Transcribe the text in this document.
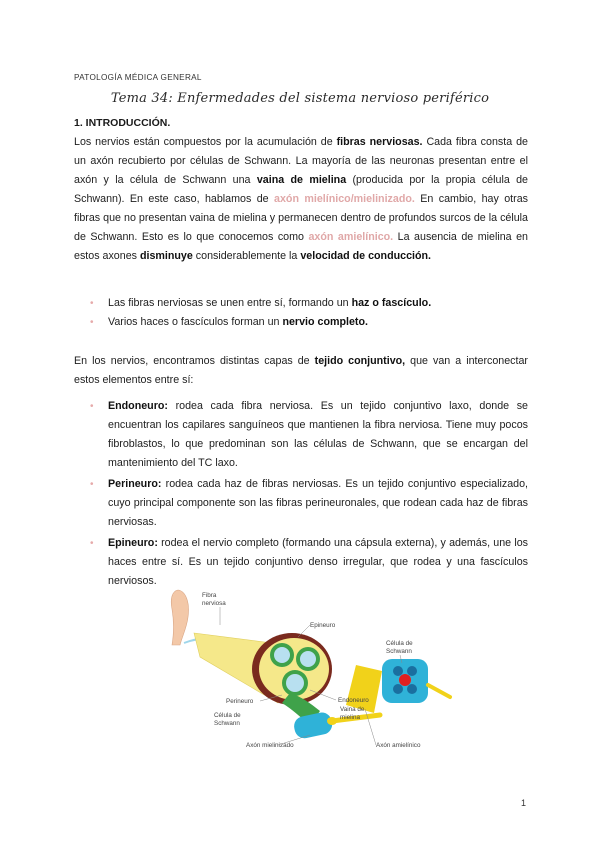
PATOLOGÍA MÉDICA GENERAL
Tema 34: Enfermedades del sistema nervioso periférico
1. INTRODUCCIÓN.
Los nervios están compuestos por la acumulación de fibras nerviosas. Cada fibra consta de un axón recubierto por células de Schwann. La mayoría de las neuronas presentan entre el axón y la célula de Schwann una vaina de mielina (producida por la propia célula de Schwann). En este caso, hablamos de axón mielínico/mielinizado. En cambio, hay otras fibras que no presentan vaina de mielina y permanecen dentro de profundos surcos de la célula de Schwann. Esto es lo que conocemos como axón amielínico. La ausencia de mielina en estos axones disminuye considerablemente la velocidad de conducción.
• Las fibras nerviosas se unen entre sí, formando un haz o fascículo.
• Varios haces o fascículos forman un nervio completo.
En los nervios, encontramos distintas capas de tejido conjuntivo, que van a interconectar estos elementos entre sí:
• Endoneuro: rodea cada fibra nerviosa. Es un tejido conjuntivo laxo, donde se encuentran los capilares sanguíneos que mantienen la fibra nerviosa. Tiene muy pocos fibroblastos, lo que predominan son las células de Schwann, que se encargan del mantenimiento del TC laxo.
• Perineuro: rodea cada haz de fibras nerviosas. Es un tejido conjuntivo especializado, cuyo principal componente son las fibras perineuronales, que rodean cada haz de fibras nerviosas.
• Epineuro: rodea el nervio completo (formando una cápsula externa), y además, une los haces entre sí. Es un tejido conjuntivo denso irregular, que rodea y una fascículos nerviosos.
Fibra
nerviosa
Epineuro
Célula de
Schwann
Perineuro	Endoneuro
Vaina de
mielina
Célula de
Schwann
Axón mielinizado	Axón amielínico
1
